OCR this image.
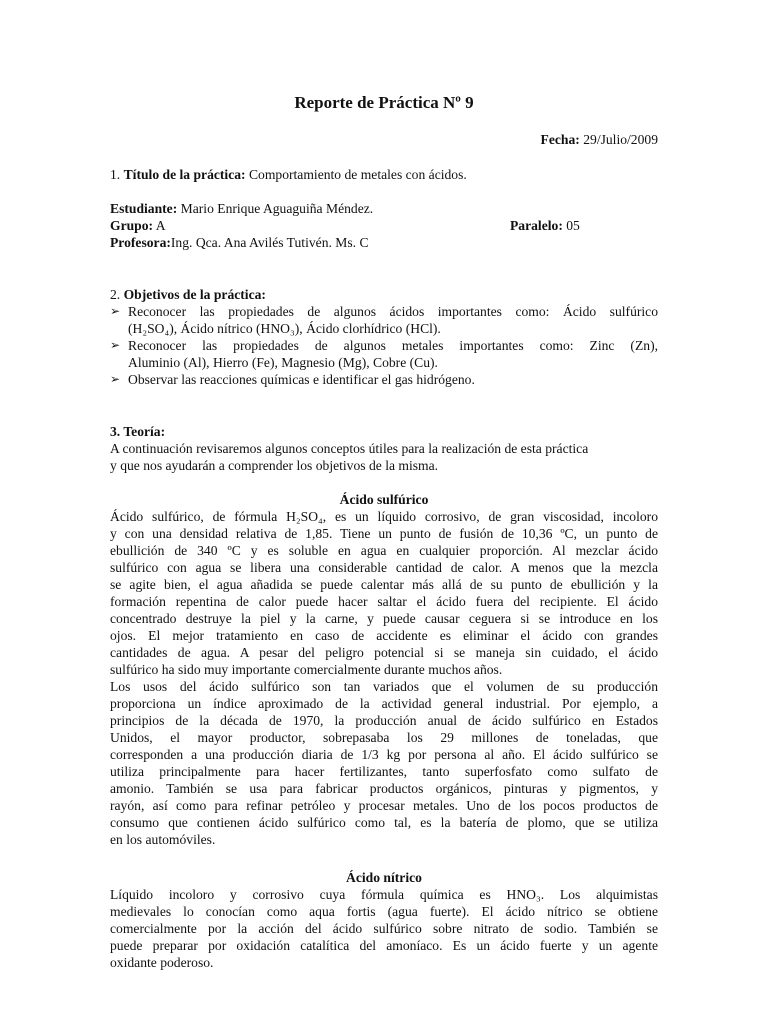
Reporte de Práctica Nº 9
Fecha: 29/Julio/2009
1. Título de la práctica: Comportamiento de metales con ácidos.
Estudiante: Mario Enrique Aguaguiña Méndez.
Grupo: A	Paralelo: 05
Profesora:Ing. Qca. Ana Avilés Tutivén. Ms. C
2. Objetivos de la práctica:
➢ Reconocer las propiedades de algunos ácidos importantes como: Ácido sulfúrico
(H₂SO₄), Ácido nítrico (HNO₃), Ácido clorhídrico (HCl).
➢ Reconocer las propiedades de algunos metales importantes como: Zinc (Zn),
Aluminio (Al), Hierro (Fe), Magnesio (Mg), Cobre (Cu).
➢ Observar las reacciones químicas e identificar el gas hidrógeno.
3. Teoría:
A continuación revisaremos algunos conceptos útiles para la realización de esta práctica
y que nos ayudarán a comprender los objetivos de la misma.
Ácido sulfúrico
Ácido sulfúrico, de fórmula H₂SO₄, es un líquido corrosivo, de gran viscosidad, incoloro
y con una densidad relativa de 1,85. Tiene un punto de fusión de 10,36 ºC, un punto de
ebullición de 340 ºC y es soluble en agua en cualquier proporción. Al mezclar ácido
sulfúrico con agua se libera una considerable cantidad de calor. A menos que la mezcla
se agite bien, el agua añadida se puede calentar más allá de su punto de ebullición y la
formación repentina de calor puede hacer saltar el ácido fuera del recipiente. El ácido
concentrado destruye la piel y la carne, y puede causar ceguera si se introduce en los
ojos. El mejor tratamiento en caso de accidente es eliminar el ácido con grandes
cantidades de agua. A pesar del peligro potencial si se maneja sin cuidado, el ácido
sulfúrico ha sido muy importante comercialmente durante muchos años.
Los usos del ácido sulfúrico son tan variados que el volumen de su producción
proporciona un índice aproximado de la actividad general industrial. Por ejemplo, a
principios de la década de 1970, la producción anual de ácido sulfúrico en Estados
Unidos, el mayor productor, sobrepasaba los 29 millones de toneladas, que
corresponden a una producción diaria de 1/3 kg por persona al año. El ácido sulfúrico se
utiliza principalmente para hacer fertilizantes, tanto superfosfato como sulfato de
amonio. También se usa para fabricar productos orgánicos, pinturas y pigmentos, y
rayón, así como para refinar petróleo y procesar metales. Uno de los pocos productos de
consumo que contienen ácido sulfúrico como tal, es la batería de plomo, que se utiliza
en los automóviles.
Ácido nítrico
Líquido incoloro y corrosivo cuya fórmula química es HNO₃. Los alquimistas
medievales lo conocían como aqua fortis (agua fuerte). El ácido nítrico se obtiene
comercialmente por la acción del ácido sulfúrico sobre nitrato de sodio. También se
puede preparar por oxidación catalítica del amoníaco. Es un ácido fuerte y un agente
oxidante poderoso.
